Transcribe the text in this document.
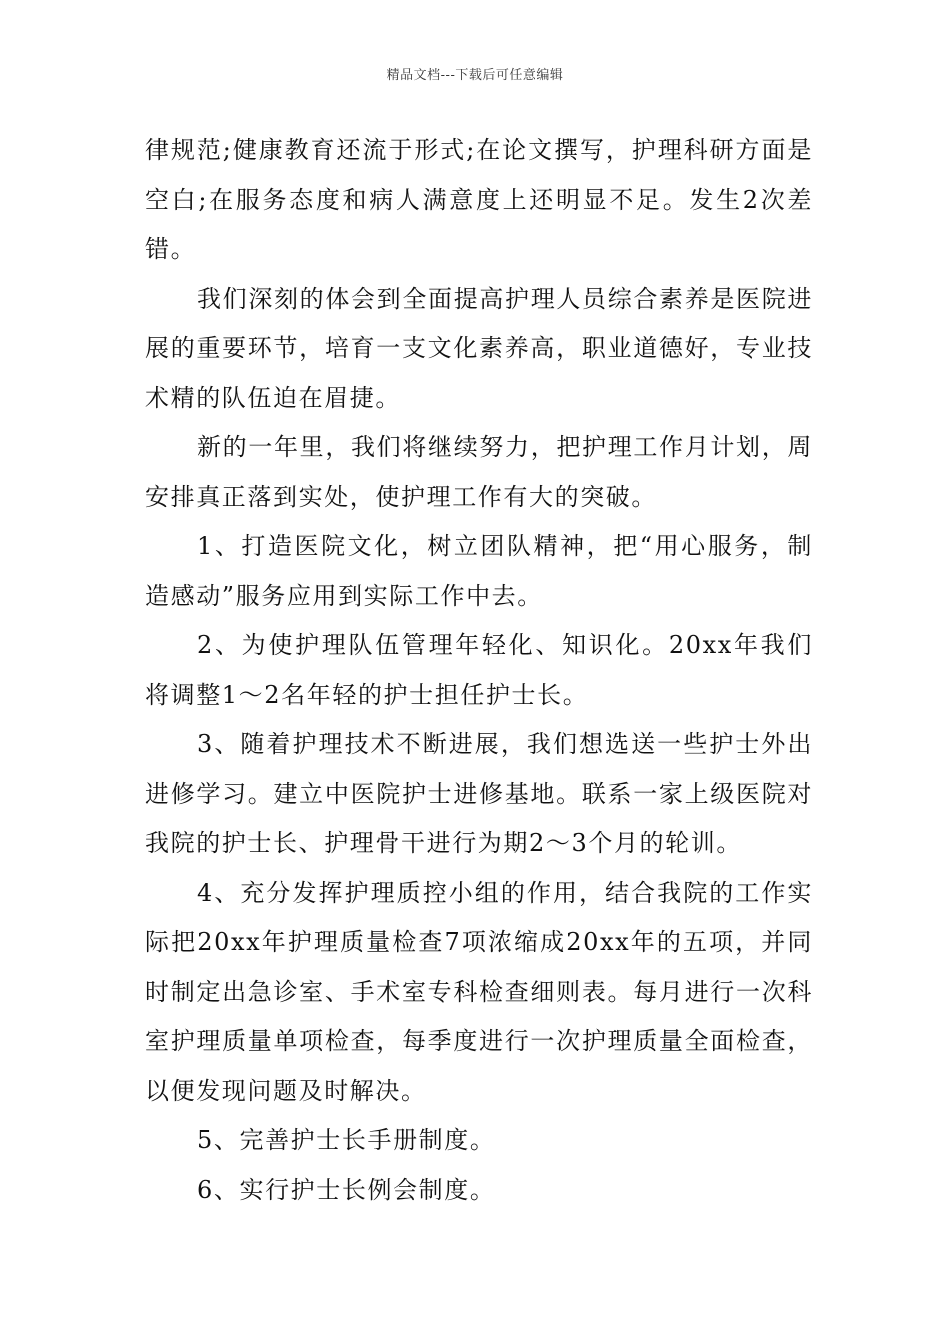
精品文档---下载后可任意编辑

律规范;健康教育还流于形式;在论文撰写，护理科研方面是空白;在服务态度和病人满意度上还明显不足。发生2次差错。

我们深刻的体会到全面提高护理人员综合素养是医院进展的重要环节，培育一支文化素养高，职业道德好，专业技术精的队伍迫在眉捷。

新的一年里，我们将继续努力，把护理工作月计划，周安排真正落到实处，使护理工作有大的突破。

1、打造医院文化，树立团队精神，把“用心服务，制造感动”服务应用到实际工作中去。

2、为使护理队伍管理年轻化、知识化。20xx年我们将调整1～2名年轻的护士担任护士长。

3、随着护理技术不断进展，我们想选送一些护士外出进修学习。建立中医院护士进修基地。联系一家上级医院对我院的护士长、护理骨干进行为期2～3个月的轮训。

4、充分发挥护理质控小组的作用，结合我院的工作实际把20xx年护理质量检查7项浓缩成20xx年的五项，并同时制定出急诊室、手术室专科检查细则表。每月进行一次科室护理质量单项检查，每季度进行一次护理质量全面检查，以便发现问题及时解决。

5、完善护士长手册制度。

6、实行护士长例会制度。
